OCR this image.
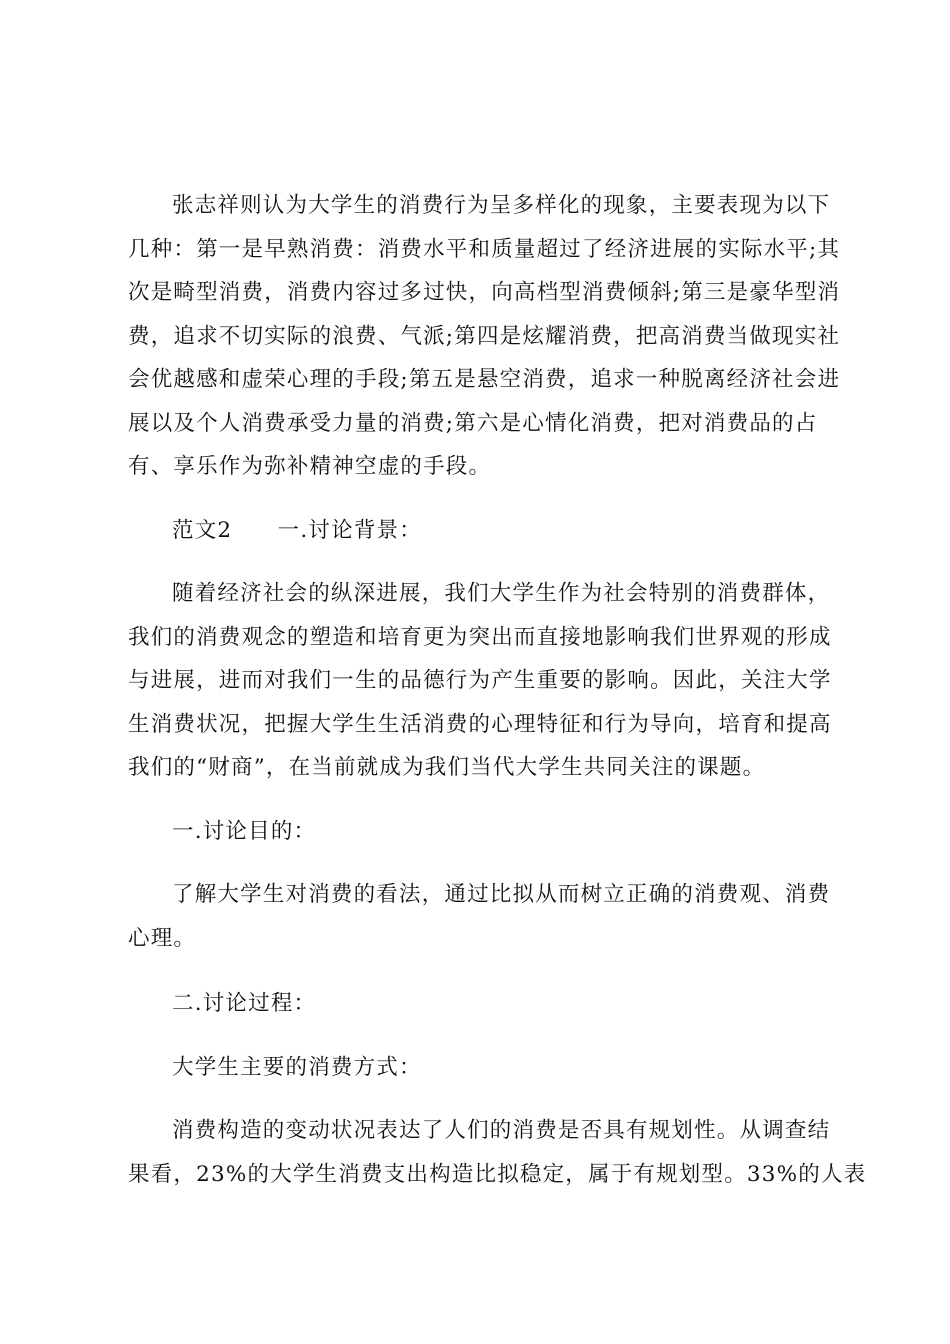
张志祥则认为大学生的消费行为呈多样化的现象，主要表现为以下
几种：第一是早熟消费：消费水平和质量超过了经济进展的实际水平;其
次是畸型消费，消费内容过多过快，向高档型消费倾斜;第三是豪华型消
费，追求不切实际的浪费、气派;第四是炫耀消费，把高消费当做现实社
会优越感和虚荣心理的手段;第五是悬空消费，追求一种脱离经济社会进
展以及个人消费承受力量的消费;第六是心情化消费，把对消费品的占
有、享乐作为弥补精神空虚的手段。
范文2　　一.讨论背景：
随着经济社会的纵深进展，我们大学生作为社会特别的消费群体，
我们的消费观念的塑造和培育更为突出而直接地影响我们世界观的形成
与进展，进而对我们一生的品德行为产生重要的影响。因此，关注大学
生消费状况，把握大学生生活消费的心理特征和行为导向，培育和提高
我们的“财商”，在当前就成为我们当代大学生共同关注的课题。
一.讨论目的：
了解大学生对消费的看法，通过比拟从而树立正确的消费观、消费
心理。
二.讨论过程：
大学生主要的消费方式：
消费构造的变动状况表达了人们的消费是否具有规划性。从调查结
果看，23%的大学生消费支出构造比拟稳定，属于有规划型。33%的人表
